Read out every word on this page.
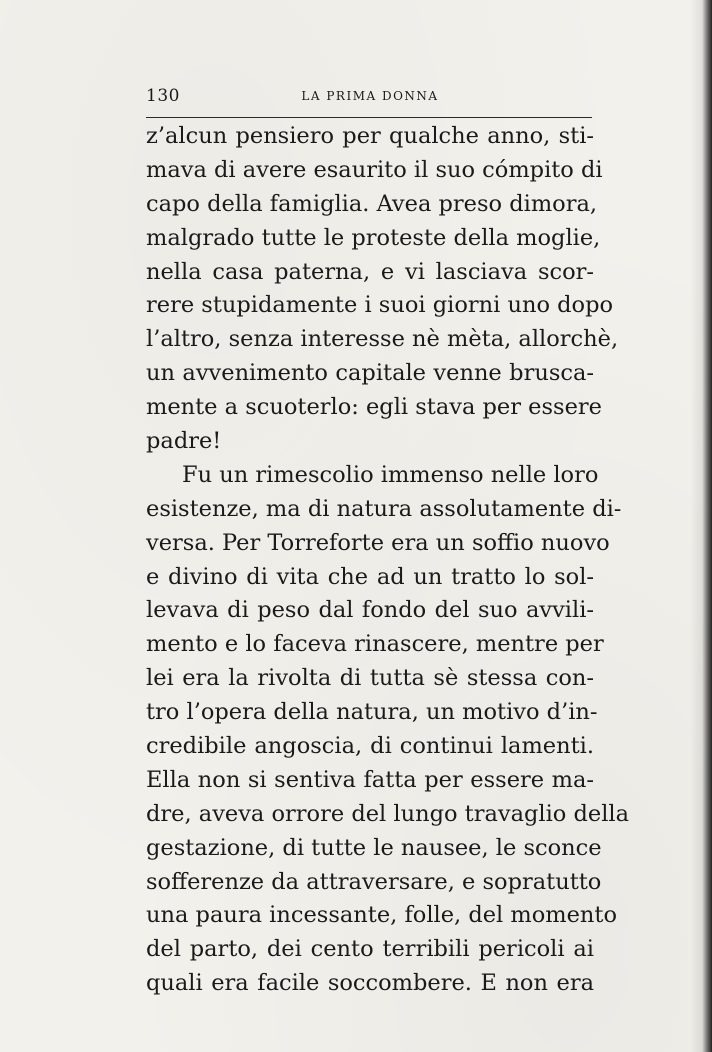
130	LA PRIMA DONNA
z’alcun pensiero per qualche anno, sti-
mava di avere esaurito il suo cómpito di
capo della famiglia. Avea preso dimora,
malgrado tutte le proteste della moglie,
nella casa paterna, e vi lasciava scor-
rere stupidamente i suoi giorni uno dopo
l’altro, senza interesse nè mèta, allorchè,
un avvenimento capitale venne brusca-
mente a scuoterlo: egli stava per essere
padre!
Fu un rimescolio immenso nelle loro
esistenze, ma di natura assolutamente di-
versa. Per Torreforte era un soffio nuovo
e divino di vita che ad un tratto lo sol-
levava di peso dal fondo del suo avvili-
mento e lo faceva rinascere, mentre per
lei era la rivolta di tutta sè stessa con-
tro l’opera della natura, un motivo d’in-
credibile angoscia, di continui lamenti.
Ella non si sentiva fatta per essere ma-
dre, aveva orrore del lungo travaglio della
gestazione, di tutte le nausee, le sconce
sofferenze da attraversare, e sopratutto
una paura incessante, folle, del momento
del parto, dei cento terribili pericoli ai
quali era facile soccombere. E non era
